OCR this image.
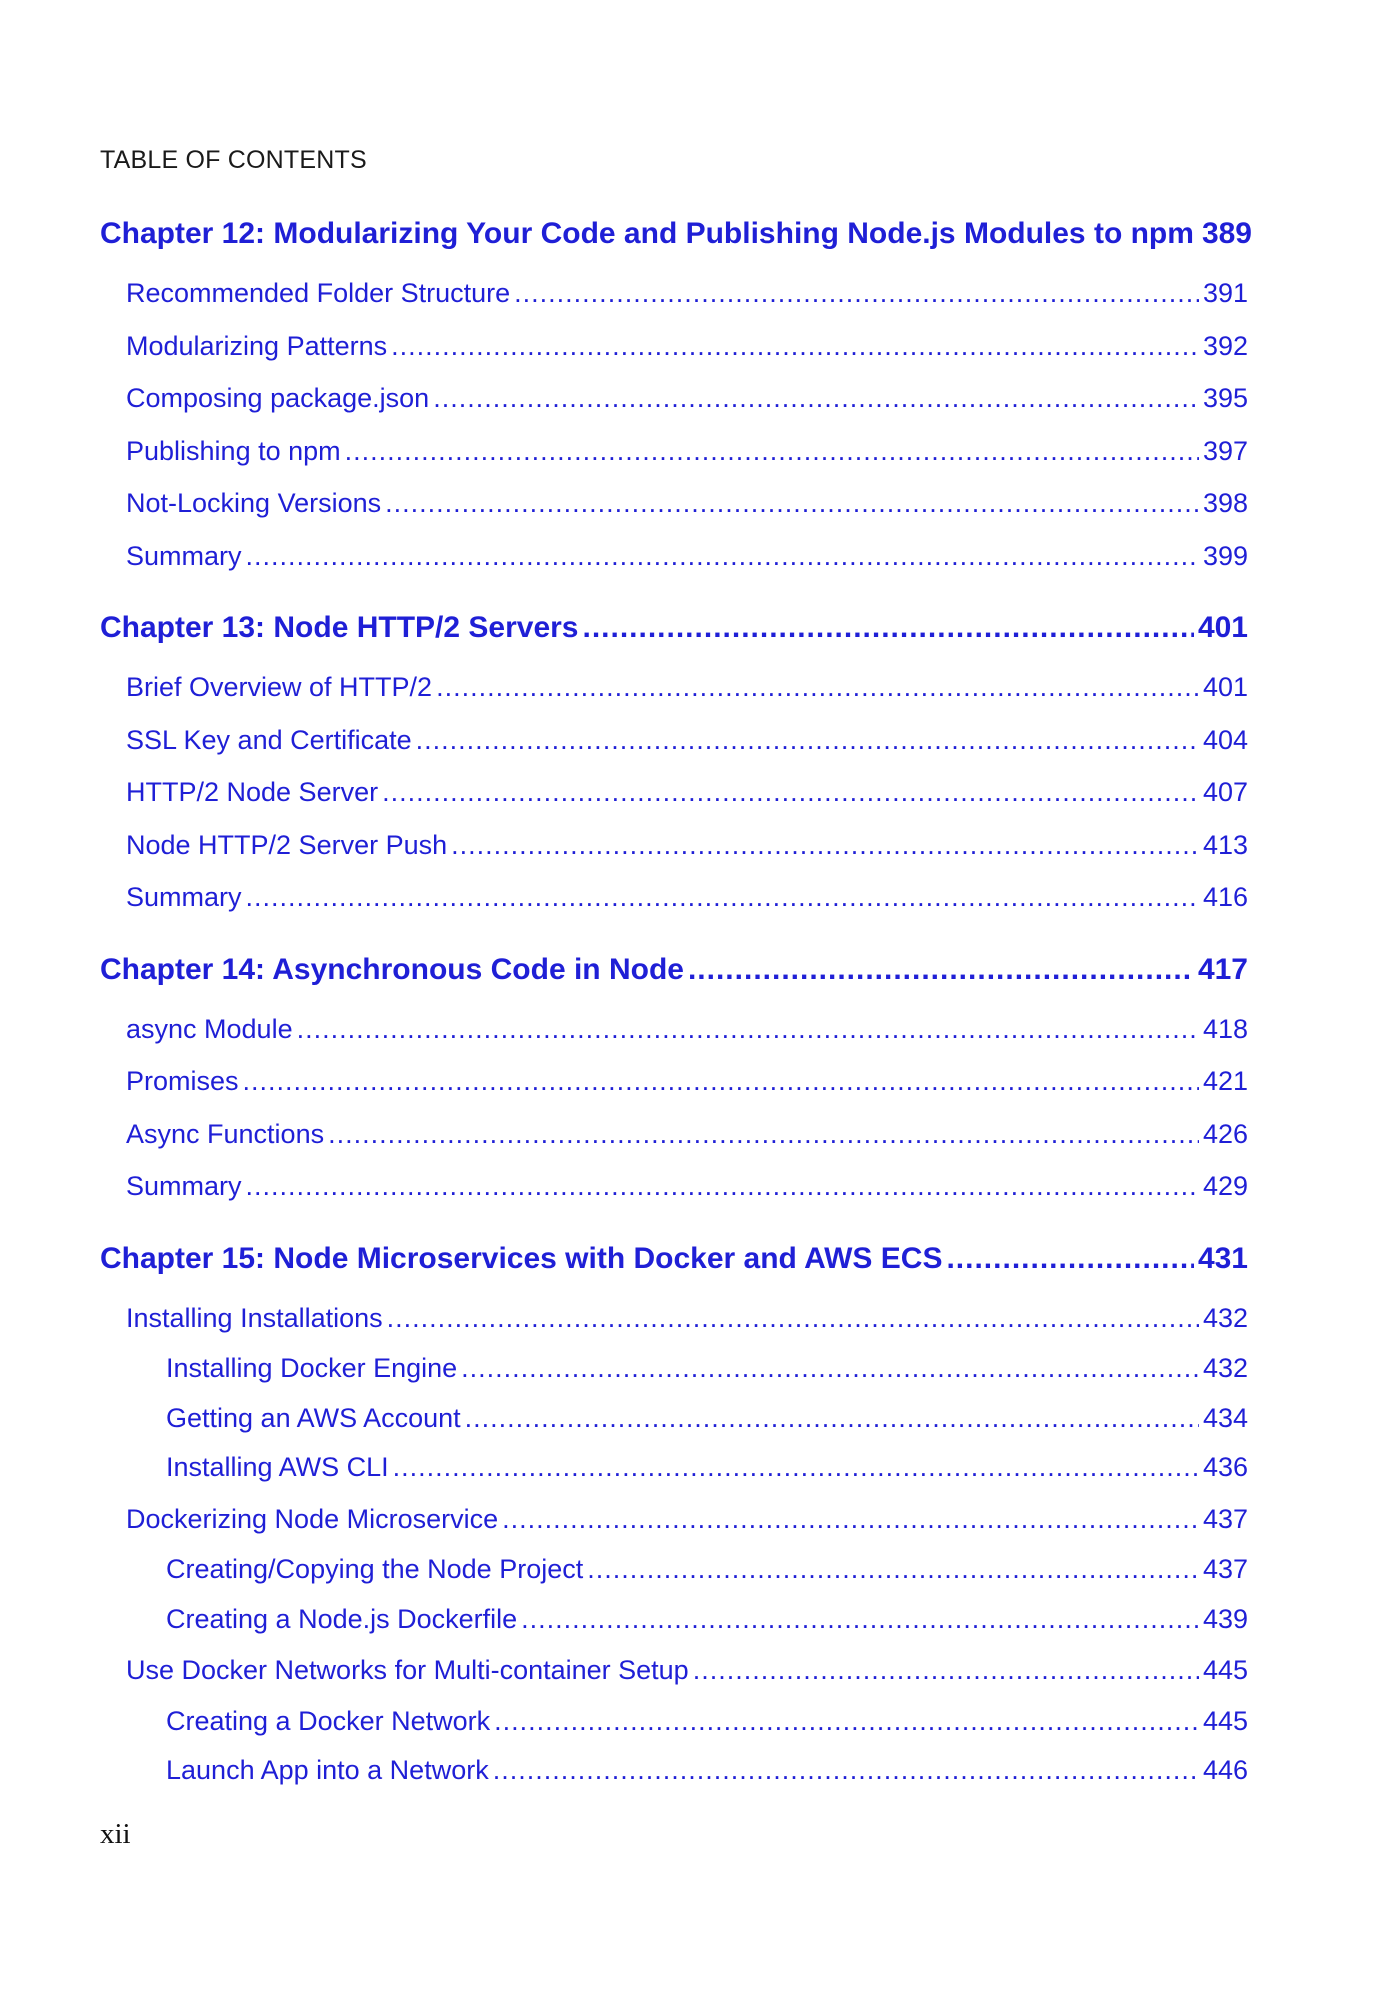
TABLE OF CONTENTS
Chapter 12: Modularizing Your Code and Publishing Node.js Modules to npm 389
Recommended Folder Structure .....	391
Modularizing Patterns .....	392
Composing package.json .....	395
Publishing to npm .....	397
Not-Locking Versions .....	398
Summary .....	399
Chapter 13: Node HTTP/2 Servers .....	401
Brief Overview of HTTP/2 .....	401
SSL Key and Certificate .....	404
HTTP/2 Node Server .....	407
Node HTTP/2 Server Push .....	413
Summary .....	416
Chapter 14: Asynchronous Code in Node .....	417
async Module .....	418
Promises .....	421
Async Functions .....	426
Summary .....	429
Chapter 15: Node Microservices with Docker and AWS ECS .....	431
Installing Installations .....	432
Installing Docker Engine .....	432
Getting an AWS Account .....	434
Installing AWS CLI .....	436
Dockerizing Node Microservice .....	437
Creating/Copying the Node Project .....	437
Creating a Node.js Dockerfile .....	439
Use Docker Networks for Multi-container Setup .....	445
Creating a Docker Network .....	445
Launch App into a Network .....	446
xii
